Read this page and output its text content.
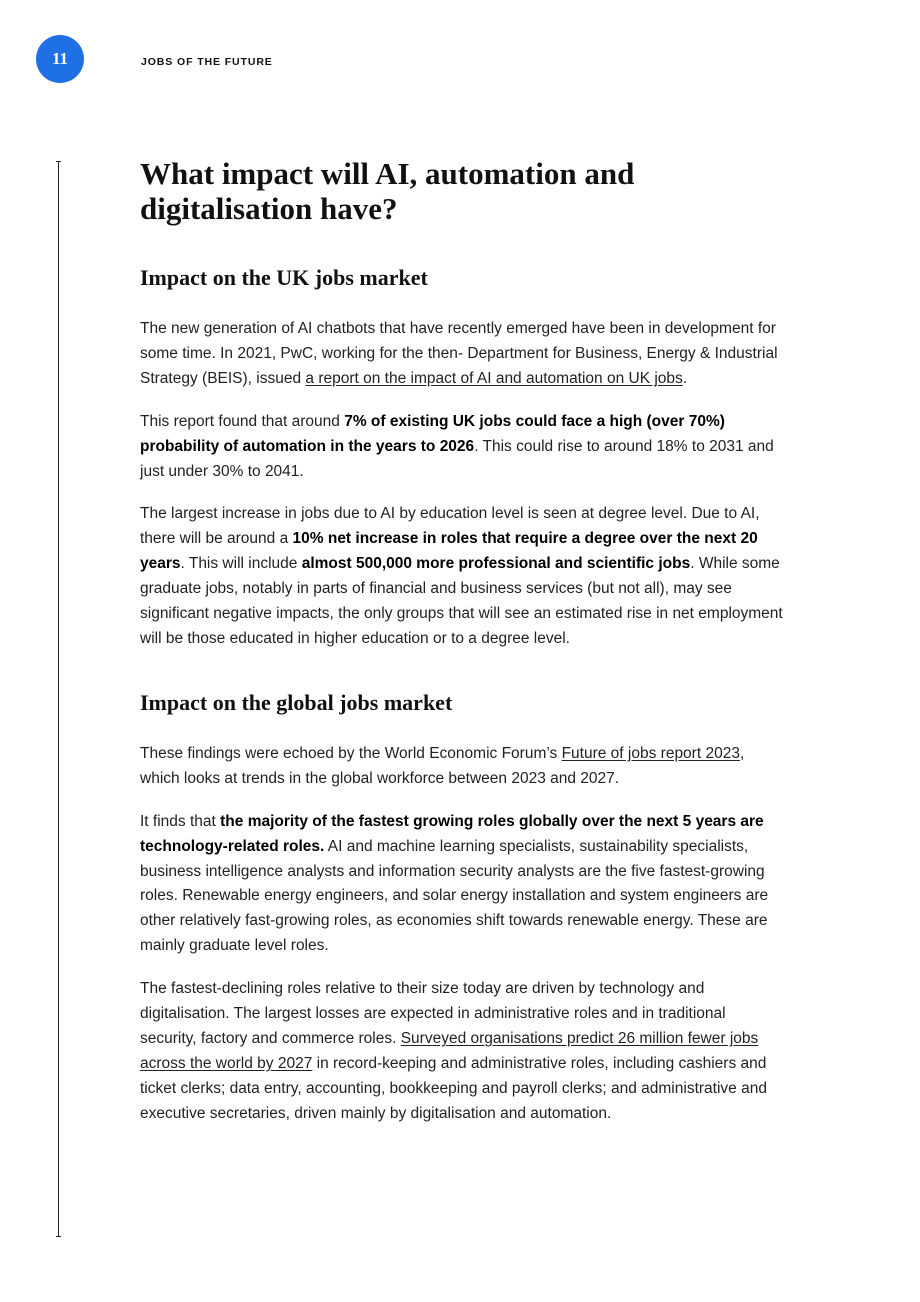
11	JOBS OF THE FUTURE
What impact will AI, automation and digitalisation have?
Impact on the UK jobs market

The new generation of AI chatbots that have recently emerged have been in development for some time. In 2021, PwC, working for the then- Department for Business, Energy & Industrial Strategy (BEIS), issued a report on the impact of AI and automation on UK jobs.

This report found that around 7% of existing UK jobs could face a high (over 70%) probability of automation in the years to 2026. This could rise to around 18% to 2031 and just under 30% to 2041.

The largest increase in jobs due to AI by education level is seen at degree level. Due to AI, there will be around a 10% net increase in roles that require a degree over the next 20 years. This will include almost 500,000 more professional and scientific jobs. While some graduate jobs, notably in parts of financial and business services (but not all), may see significant negative impacts, the only groups that will see an estimated rise in net employment will be those educated in higher education or to a degree level.

Impact on the global jobs market

These findings were echoed by the World Economic Forum’s Future of jobs report 2023, which looks at trends in the global workforce between 2023 and 2027.

It finds that the majority of the fastest growing roles globally over the next 5 years are technology-related roles. AI and machine learning specialists, sustainability specialists, business intelligence analysts and information security analysts are the five fastest-growing roles. Renewable energy engineers, and solar energy installation and system engineers are other relatively fast-growing roles, as economies shift towards renewable energy. These are mainly graduate level roles.

The fastest-declining roles relative to their size today are driven by technology and digitalisation. The largest losses are expected in administrative roles and in traditional security, factory and commerce roles. Surveyed organisations predict 26 million fewer jobs across the world by 2027 in record-keeping and administrative roles, including cashiers and ticket clerks; data entry, accounting, bookkeeping and payroll clerks; and administrative and executive secretaries, driven mainly by digitalisation and automation.
